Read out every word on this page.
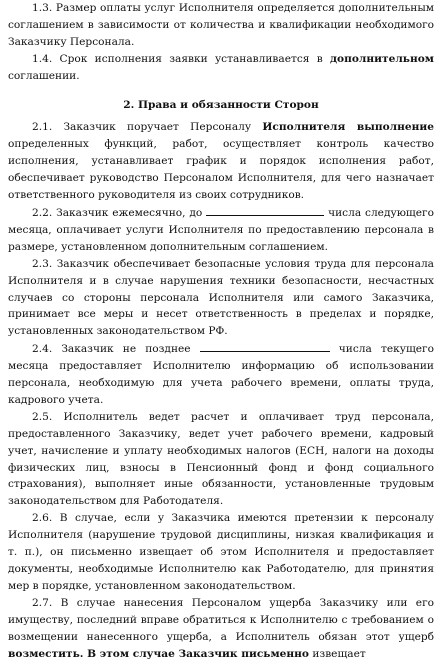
1.3. Размер оплаты услуг Исполнителя определяется дополнительным соглашением в зависимости от количества и квалификации необходимого Заказчику Персонала.

1.4. Срок исполнения заявки устанавливается в дополнительном соглашении.

2. Права и обязанности Сторон

2.1. Заказчик поручает Персоналу Исполнителя выполнение определенных функций, работ, осуществляет контроль качество исполнения, устанавливает график и порядок исполнения работ, обеспечивает руководство Персоналом Исполнителя, для чего назначает ответственного руководителя из своих сотрудников.

2.2. Заказчик ежемесячно, до	числа следующего месяца, оплачивает услуги Исполнителя по предоставлению персонала в размере, установленном дополнительным соглашением.

2.3. Заказчик обеспечивает безопасные условия труда для персонала Исполнителя и в случае нарушения техники безопасности, несчастных случаев со стороны персонала Исполнителя или самого Заказчика, принимает все меры и несет ответственность в пределах и порядке, установленных законодательством РФ.

2.4. Заказчик не позднее	числа текущего месяца предоставляет Исполнителю информацию об использовании персонала, необходимую для учета рабочего времени, оплаты труда, кадрового учета.

2.5. Исполнитель ведет расчет и оплачивает труд персонала, предоставленного Заказчику, ведет учет рабочего времени, кадровый учет, начисление и уплату необходимых налогов (ЕСН, налоги на доходы физических лиц, взносы в Пенсионный фонд и фонд социального страхования), выполняет иные обязанности, установленные трудовым законодательством для Работодателя.

2.6. В случае, если у Заказчика имеются претензии к персоналу Исполнителя (нарушение трудовой дисциплины, низкая квалификация и т. п.), он письменно извещает об этом Исполнителя и предоставляет документы, необходимые Исполнителю как Работодателю, для принятия мер в порядке, установленном законодательством.

2.7. В случае нанесения Персоналом ущерба Заказчику или его имуществу, последний вправе обратиться к Исполнителю с требованием о возмещении нанесенного ущерба, а Исполнитель обязан этот ущерб возместить. В этом случае Заказчик письменно извещает
